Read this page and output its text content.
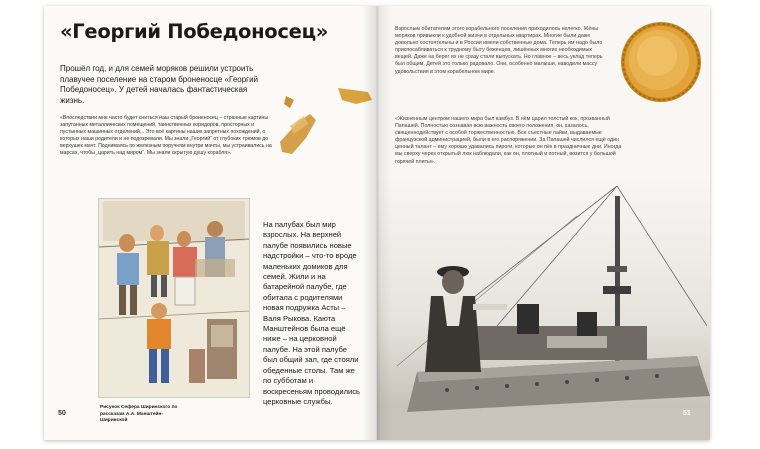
«Георгий Победоносец»
Прошёл год, и для семей моряков решили устроить плавучее поселение на старом броненосце «Георгий Победоносец». У детей началась фантастическая жизнь.
«Впоследствии мне часто будет сниться наш старый броненосец – странные картины запутанных металлических помещений, таинственных коридоров, просторных и пустынных машинных отделений... Это всё картины наших запретных похождений, о которых наши родители и не подозревали. Мы знали „Георгий“ от глубоких трюмов до верхушек мачт. Поднимаясь по железным поручням внутри мачты, мы устраивались на марсах, чтобы „царить над миром“. Мы знали скрытую душу корабля».
Рисунок Сефера Ширинского по рассказам А.А. Манштейн-Ширинской
На палубах был мир взрослых. На верхней палубе появились новые надстройки – что-то вроде маленьких домиков для семей. Жили и на батарейной палубе, где обитала с родителями новая подружка Асты – Валя Рыкова. Каюта Манштейнов была ещё ниже – на церковной палубе. На этой палубе был общий зал, где стояли обеденные столы. Там же по субботам и воскресеньям проводились церковные службы.
50
Взрослым обитателям этого корабельного поселения приходилось нелегко. Жёны моряков привыкли к удобной жизни в отдельных квартирах. Многие были даже довольно состоятельны и в России имели собственные дома. Теперь им надо было приспосабливаться к трудному быту беженцев, лишённых многих необходимых вещей. Даже на берег их не сразу стали выпускать. Но главное – весь уклад теперь был общим. Детей это только радовало. Они, особенно малыши, наводили массу удовольствия в этом корабельном мире.
«Жизненным центром нашего мира был камбуз. В нём царил толстый кок, прозванный Папашей. Полностью сознавая всю важность своего положения, он, казалось, священнодействует с особой торжественностью. Все съестные пайки, выдаваемые французской администрацией, были в его распоряжении. За Папашей числился ещё один ценный талант – ему хорошо удавались пироги, которые он пёк в праздничные дни. Иногда мы сверху через открытый люк наблюдали, как он, плотный и потный, возится у большой горячей плиты».
51
